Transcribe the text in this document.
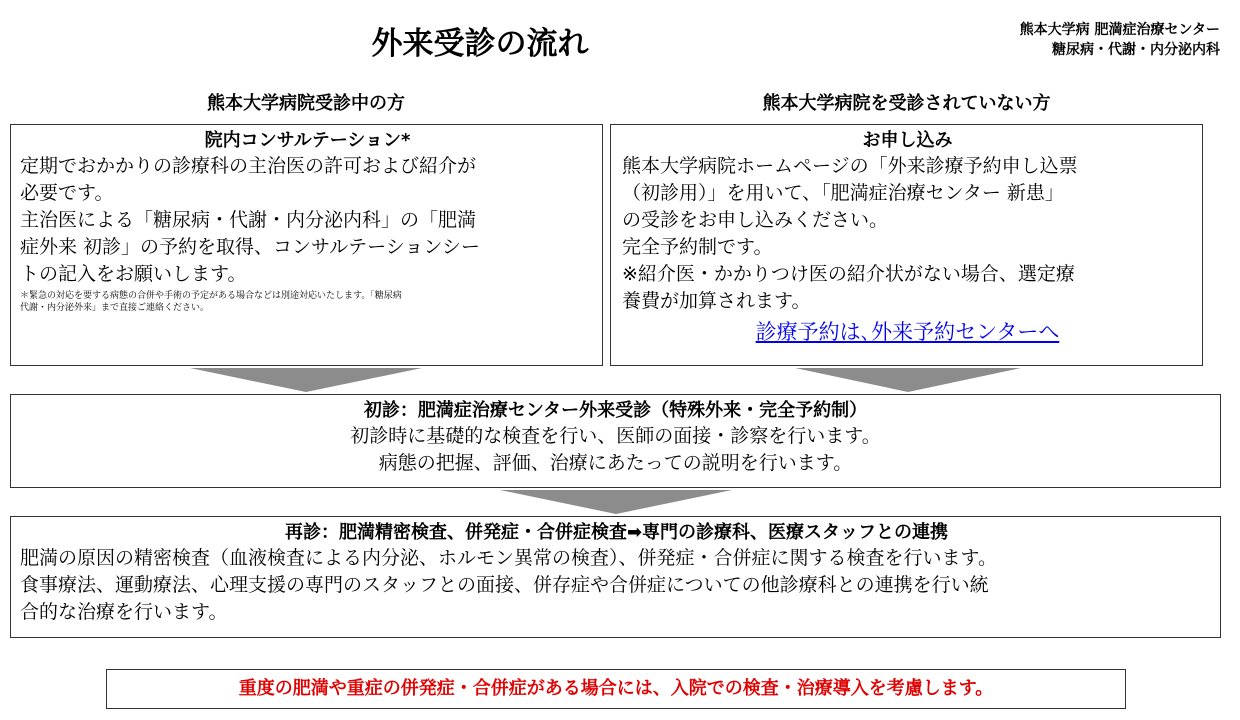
外来受診の流れ	熊本大学病 肥満症治療センター
糖尿病・代謝・内分泌内科
熊本大学病院受診中の方	熊本大学病院を受診されていない方
院内コンサルテーション*
定期でおかかりの診療科の主治医の許可および紹介が
必要です。
主治医による「糖尿病・代謝・内分泌内科」の「肥満
症外来 初診」の予約を取得、コンサルテーションシー
トの記入をお願いします。
＊緊急の対応を要する病態の合併や手術の予定がある場合などは別途対応いたします。「糖尿病
代謝・内分泌外来」まで直接ご連絡ください。
お申し込み
熊本大学病院ホームページの「外来診療予約申し込票
（初診用）」を用いて、「肥満症治療センター 新患」
の受診をお申し込みください。
完全予約制です。
※紹介医・かかりつけ医の紹介状がない場合、選定療
養費が加算されます。
診療予約は､外来予約センターへ
初診：肥満症治療センター外来受診（特殊外来・完全予約制）
初診時に基礎的な検査を行い、医師の面接・診察を行います。
病態の把握、評価、治療にあたっての説明を行います。
再診：肥満精密検査、併発症・合併症検査➡専門の診療科、医療スタッフとの連携
肥満の原因の精密検査（血液検査による内分泌、ホルモン異常の検査）、併発症・合併症に関する検査を行います。
食事療法、運動療法、心理支援の専門のスタッフとの面接、併存症や合併症についての他診療科との連携を行い統
合的な治療を行います。
重度の肥満や重症の併発症・合併症がある場合には、入院での検査・治療導入を考慮します。
